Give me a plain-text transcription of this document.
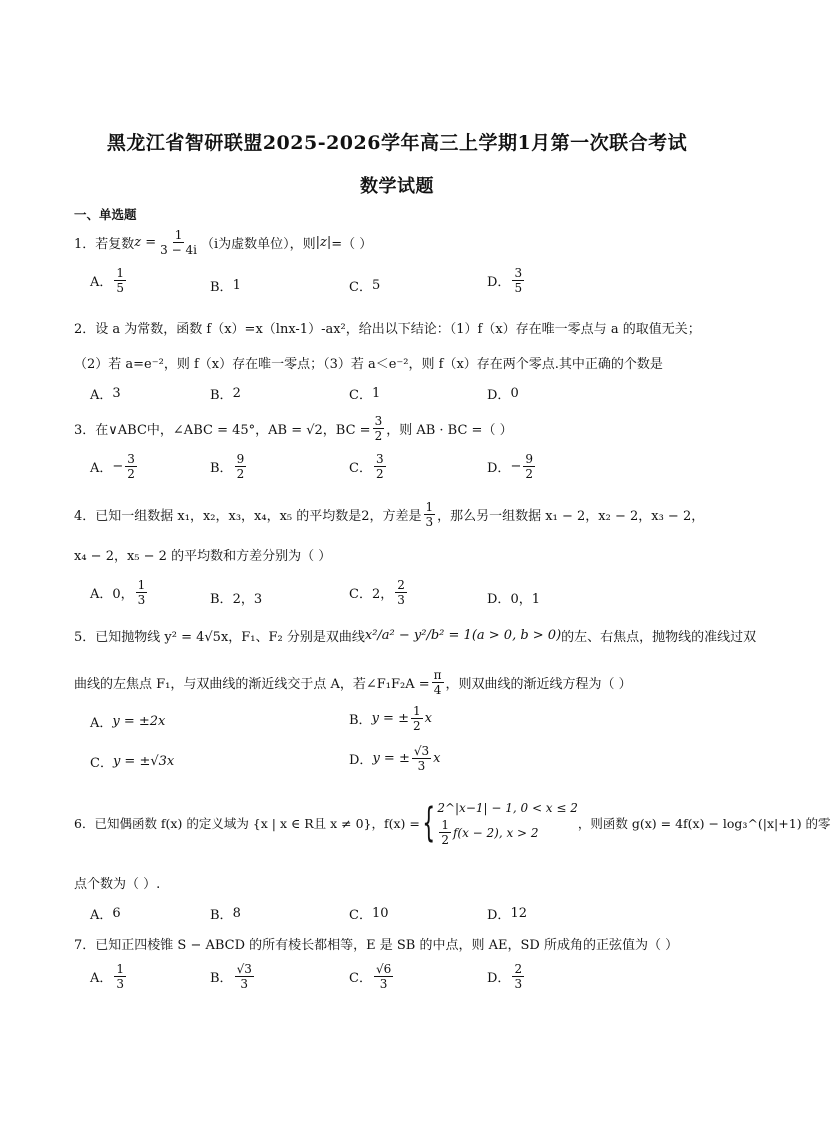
黑龙江省智研联盟2025-2026学年高三上学期1月第一次联合考试
数学试题
一、单选题
1．若复数 $z = \frac{1}{3 - 4i} (i$为虚数单位），则 |z| =（ ）
A． $\frac{1}{5}$	B． 1	C． 5	D． $\frac{3}{5}$
2．设 a 为常数，函数 f（x）=x（lnx-1）-ax²，给出以下结论：（1）f（x）存在唯一零点与 a 的取值无关；
（2）若 a=e⁻²，则 f（x）存在唯一零点；（3）若 a＜e⁻²，则 f（x）存在两个零点.其中正确的个数是
A． 3	B． 2	C． 1	D． 0
3．在∨ABC中，∠ABC = 45°，AB = √2，BC = $\frac{3}{2}$ ，则 AB · BC =（ ）
A． − $\frac{3}{2}$	B． $\frac{9}{2}$	C． $\frac{3}{2}$	D． − $\frac{9}{2}$
4．已知一组数据 x₁，x₂，x₃，x₄，x₅ 的平均数是2，方差是 $\frac{1}{3}$ ，那么另一组数据 x₁ − 2，x₂ − 2，x₃ − 2，
x₄ − 2，x₅ − 2 的平均数和方差分别为（ ）
A． 0， $\frac{1}{3}$	B． 2，3	C． 2， $\frac{2}{3}$	D． 0，1
5．已知抛物线 y² = 4√5x，F₁、F₂ 分别是双曲线 x²/a² − y²/b² = 1(a > 0, b > 0) 的左、右焦点，抛物线的准线过双
曲线的左焦点 F₁，与双曲线的渐近线交于点 A，若∠F₁F₂A = $\frac{\pi}{4}$ ，则双曲线的渐近线方程为（ ）
A． y = ±2x	B． y = ± $\frac{1}{2}$ x
C． y = ±√3x	D． y = ± $\frac{√3}{3}$ x
6．已知偶函数 f(x) 的定义域为 {x | x ∈ R且 x ≠ 0}，f(x) = { 2^|x−1| − 1, 0 < x ≤ 2
$\frac{1}{2} f(x - 2)$, x > 2
，则函数 g(x) = 4f(x) − log₃^(|x|+1) 的零
点个数为（ ）.
A． 6	B． 8	C． 10	D． 12
7．已知正四棱锥 S − ABCD 的所有棱长都相等，E 是 SB 的中点，则 AE，SD 所成角的正弦值为（ ）
A． $\frac{1}{3}$	B． $\frac{√3}{3}$	C． $\frac{√6}{3}$	D． $\frac{2}{3}$
